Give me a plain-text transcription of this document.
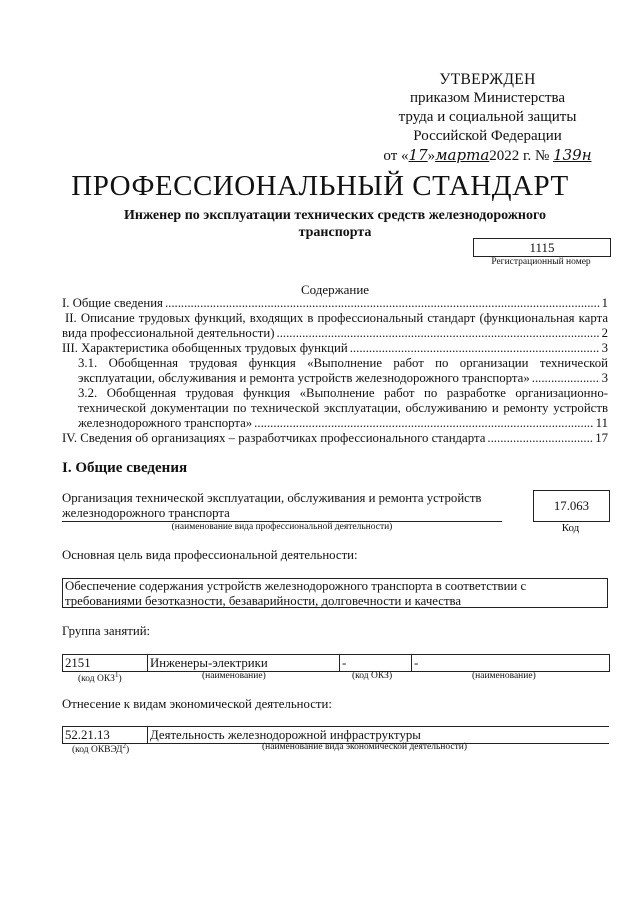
УТВЕРЖДЕН
приказом Министерства
труда и социальной защиты
Российской Федерации
от «17»марта2022 г. № 139н
ПРОФЕССИОНАЛЬНЫЙ СТАНДАРТ
Инженер по эксплуатации технических средств железнодорожного транспорта
1115
Регистрационный номер
Содержание
I. Общие сведения .....	1
II. Описание трудовых функций, входящих в профессиональный стандарт (функциональная карта
вида профессиональной деятельности) .....	2
III. Характеристика обобщенных трудовых функций .....	3
3.1. Обобщенная трудовая функция «Выполнение работ по организации технической
эксплуатации, обслуживания и ремонта устройств железнодорожного транспорта» .....	3
3.2. Обобщенная трудовая функция «Выполнение работ по разработке организационно-
технической документации по технической эксплуатации, обслуживанию и ремонту устройств
железнодорожного транспорта» .....	11
IV. Сведения об организациях – разработчиках профессионального стандарта .....	17
I. Общие сведения
Организация технической эксплуатации, обслуживания и ремонта устройств
железнодорожного транспорта
(наименование вида профессиональной деятельности)
17.063
Код
Основная цель вида профессиональной деятельности:
Обеспечение содержания устройств железнодорожного транспорта в соответствии с
требованиями безотказности, безаварийности, долговечности и качества
Группа занятий:
2151	Инженеры-электрики	-	-
(код ОКЗ$^1$)	(наименование)	(код ОКЗ)	(наименование)
Отнесение к видам экономической деятельности:
52.21.13	Деятельность железнодорожной инфраструктуры
(код ОКВЭД$^2$)	(наименование вида экономической деятельности)
